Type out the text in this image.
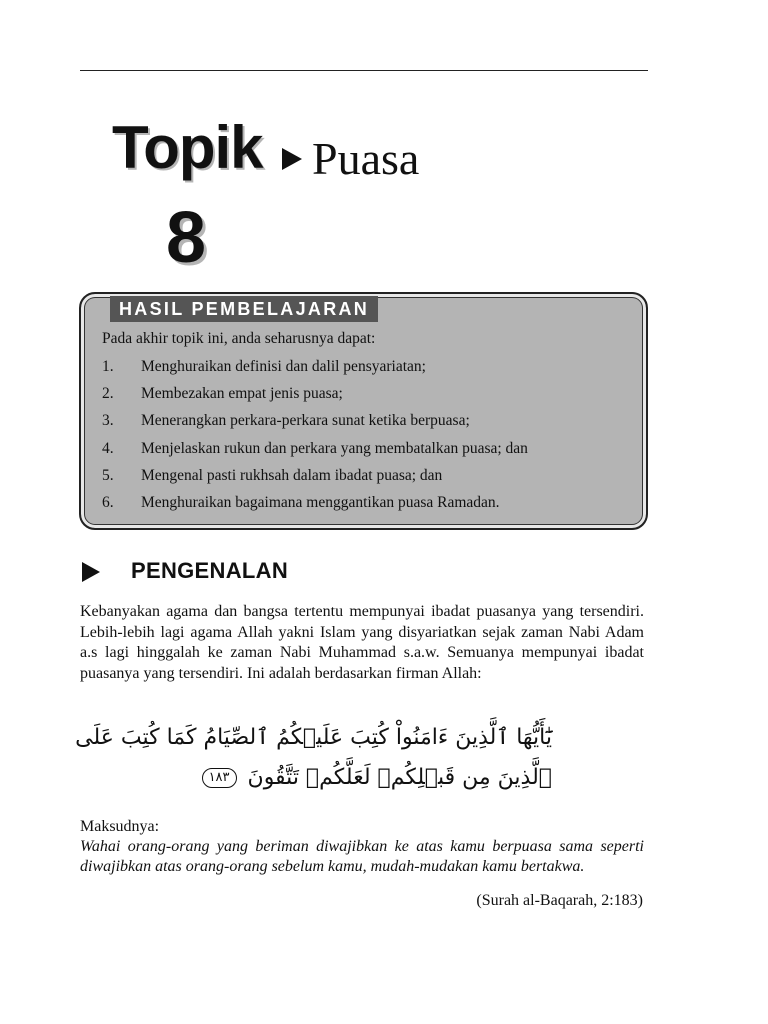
Topik Puasa
8
HASIL PEMBELAJARAN
Pada akhir topik ini, anda seharusnya dapat:
1. Menghuraikan definisi dan dalil pensyariatan;
2. Membezakan empat jenis puasa;
3. Menerangkan perkara-perkara sunat ketika berpuasa;
4. Menjelaskan rukun dan perkara yang membatalkan puasa; dan
5. Mengenal pasti rukhsah dalam ibadat puasa; dan
6. Menghuraikan bagaimana menggantikan puasa Ramadan.
PENGENALAN
Kebanyakan agama dan bangsa tertentu mempunyai ibadat puasanya yang tersendiri. Lebih-lebih lagi agama Allah yakni Islam yang disyariatkan sejak zaman Nabi Adam a.s lagi hinggalah ke zaman Nabi Muhammad s.a.w. Semuanya mempunyai ibadat puasanya yang tersendiri. Ini adalah berdasarkan firman Allah:
يَٰٓأَيُّهَا ٱلَّذِينَ ءَامَنُواْ كُتِبَ عَلَيۡكُمُ ٱلصِّيَامُ كَمَا كُتِبَ عَلَى
ٱلَّذِينَ مِن قَبۡلِكُمۡ لَعَلَّكُمۡ تَتَّقُونَ ١٨٣
Maksudnya:
Wahai orang-orang yang beriman diwajibkan ke atas kamu berpuasa sama seperti diwajibkan atas orang-orang sebelum kamu, mudah-mudakan kamu bertakwa.
(Surah al-Baqarah, 2:183)
